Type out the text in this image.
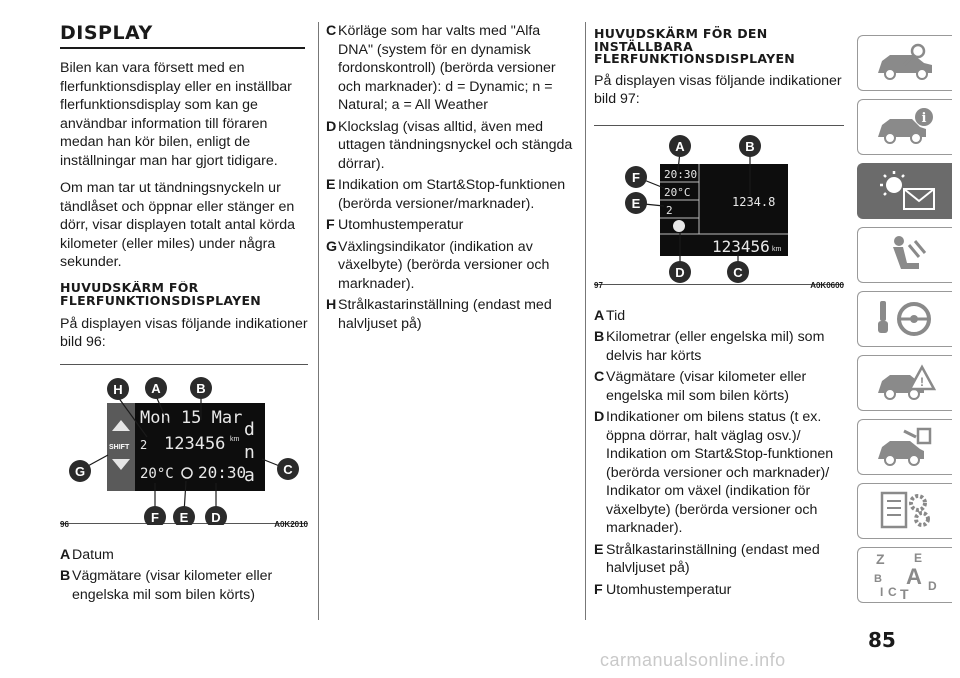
DISPLAY

Bilen kan vara försett med en flerfunktionsdisplay eller en inställbar flerfunktionsdisplay som kan ge användbar information till föraren medan han kör bilen, enligt de inställningar man har gjort tidigare.

Om man tar ut tändningsnyckeln ur tändlåset och öppnar eller stänger en dörr, visar displayen totalt antal körda kilometer (eller miles) under några sekunder.

HUVUDSKÄRM FÖR FLERFUNKTIONSDISPLAYEN

På displayen visas följande indikationer bild 96:

SHIFT
Mon 15 Mar
2 123456 km
20°C 20:30
d
n
a
H A	B
G	C
F E D
96	A0K2010
A Datum
B Vägmätare (visar kilometer eller engelska mil som bilen körts)
C Körläge som har valts med "Alfa DNA" (system för en dynamisk fordonskontroll) (berörda versioner och marknader): d = Dynamic; n = Natural; a = All Weather
D Klockslag (visas alltid, även med uttagen tändningsnyckel och stängda dörrar).
E Indikation om Start&Stop-funktionen (berörda versioner/marknader).
F Utomhustemperatur
G Växlingsindikator (indikation av växelbyte) (berörda versioner och marknader).
H Strålkastarinställning (endast med halvljuset på)
HUVUDSKÄRM FÖR DEN
INSTÄLLBARA
FLERFUNKTIONSDISPLAYEN

På displayen visas följande indikationer bild 97:

20:30
20°C
2
1234.8
123456 km
A	B
F
E
D	C
97	A0K0600
A Tid
B Kilometrar (eller engelska mil) som delvis har körts
C Vägmätare (visar kilometer eller engelska mil som bilen körts)
D Indikationer om bilens status (t ex. öppna dörrar, halt väglag osv.)/ Indikation om Start&Stop-funktionen (berörda versioner och marknader)/ Indikator om växel (indikation för växelbyte) (berörda versioner och marknader).
E Strålkastarinställning (endast med halvljuset på)
F Utomhustemperatur
i
!
Z E
B A
C
I T D
85
carmanualsonline.info
